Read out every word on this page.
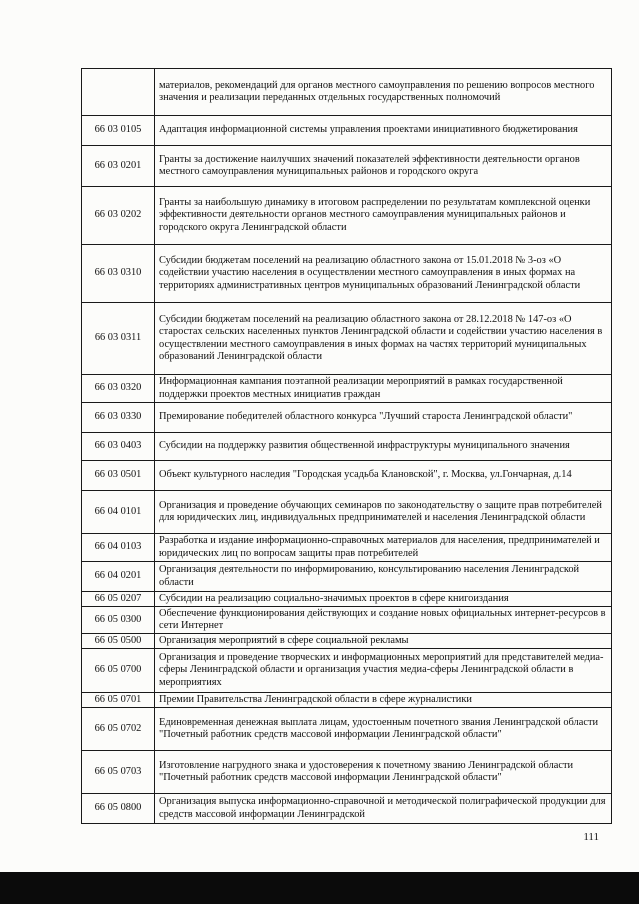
	материалов, рекомендаций для органов местного самоуправления по решению вопросов местного значения и реализации переданных отдельных государственных полномочий
66 03 0105	Адаптация информационной системы управления проектами инициативного бюджетирования
66 03 0201	Гранты за достижение наилучших значений показателей эффективности деятельности органов местного самоуправления муниципальных районов и городского округа
66 03 0202	Гранты за наибольшую динамику в итоговом распределении по результатам комплексной оценки эффективности деятельности органов местного самоуправления муниципальных районов и городского округа Ленинградской области
66 03 0310	Субсидии бюджетам поселений на реализацию областного закона от 15.01.2018 № 3-оз «О содействии участию населения в осуществлении местного самоуправления в иных формах на территориях административных центров муниципальных образований Ленинградской области
66 03 0311	Субсидии бюджетам поселений на реализацию областного закона от 28.12.2018 № 147-оз «О старостах сельских населенных пунктов Ленинградской области и содействии участию населения в осуществлении местного самоуправления в иных формах на частях территорий муниципальных образований Ленинградской области
66 03 0320	Информационная кампания поэтапной реализации мероприятий в рамках государственной поддержки проектов местных инициатив граждан
66 03 0330	Премирование победителей областного конкурса "Лучший староста Ленинградской области"
66 03 0403	Субсидии на поддержку развития общественной инфраструктуры муниципального значения
66 03 0501	Объект культурного наследия "Городская усадьба Клановской", г. Москва, ул.Гончарная, д.14
66 04 0101	Организация и проведение обучающих семинаров по законодательству о защите прав потребителей для юридических лиц, индивидуальных предпринимателей и населения Ленинградской области
66 04 0103	Разработка и издание информационно-справочных материалов для населения, предпринимателей и юридических лиц по вопросам защиты прав потребителей
66 04 0201	Организация деятельности по информированию, консультированию населения Ленинградской области
66 05 0207	Субсидии на реализацию социально-значимых проектов в сфере книгоиздания
66 05 0300	Обеспечение функционирования действующих и создание новых официальных интернет-ресурсов в сети Интернет
66 05 0500	Организация мероприятий в сфере социальной рекламы
66 05 0700	Организация и проведение творческих и информационных мероприятий для представителей медиа-сферы Ленинградской области и организация участия медиа-сферы Ленинградской области в мероприятиях
66 05 0701	Премии Правительства Ленинградской области в сфере журналистики
66 05 0702	Единовременная денежная выплата лицам, удостоенным почетного звания Ленинградской области "Почетный работник средств массовой информации Ленинградской области"
66 05 0703	Изготовление нагрудного знака и удостоверения к почетному званию Ленинградской области "Почетный работник средств массовой информации Ленинградской области"
66 05 0800	Организация выпуска информационно-справочной и методической полиграфической продукции для средств массовой информации Ленинградской
111
